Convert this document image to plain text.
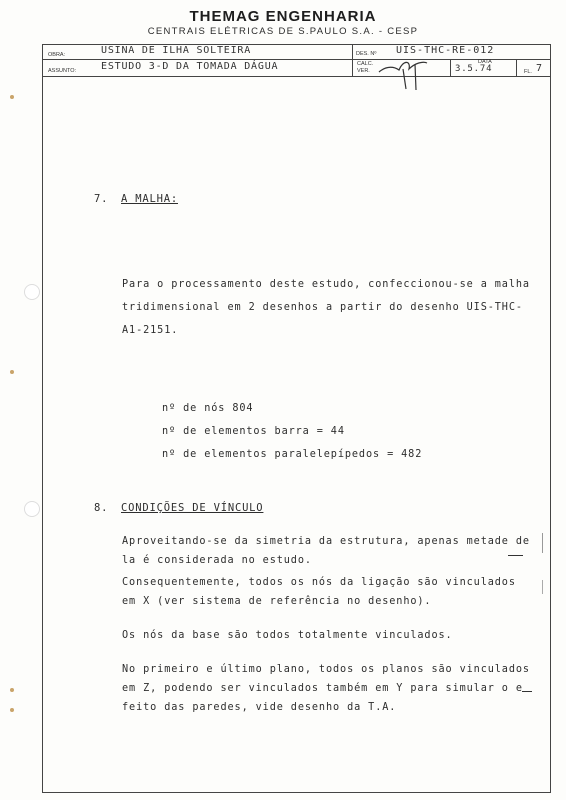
THEMAG ENGENHARIA
CENTRAIS ELÉTRICAS DE S.PAULO S.A. - CESP
OBRA:	USINA DE ILHA SOLTEIRA
ASSUNTO: ESTUDO 3-D DA TOMADA DÁGUA
DES. Nº UIS-THC-RE-012
CALC.
VER.
DATA
3.5.74	FL. 7
7. A MALHA:
Para o processamento deste estudo, confeccionou-se a malha
tridimensional em 2 desenhos a partir do desenho UIS-THC-
A1-2151.
nº de nós 804
nº de elementos barra = 44
nº de elementos paralelepípedos = 482
8. CONDIÇÕES DE VÍNCULO
Aproveitando-se da simetria da estrutura, apenas metade de
la é considerada no estudo.
Consequentemente, todos os nós da ligação são vinculados
em X (ver sistema de referência no desenho).
Os nós da base são todos totalmente vinculados.
No primeiro e último plano, todos os planos são vinculados
em Z, podendo ser vinculados também em Y para simular o e
feito das paredes, vide desenho da T.A.
